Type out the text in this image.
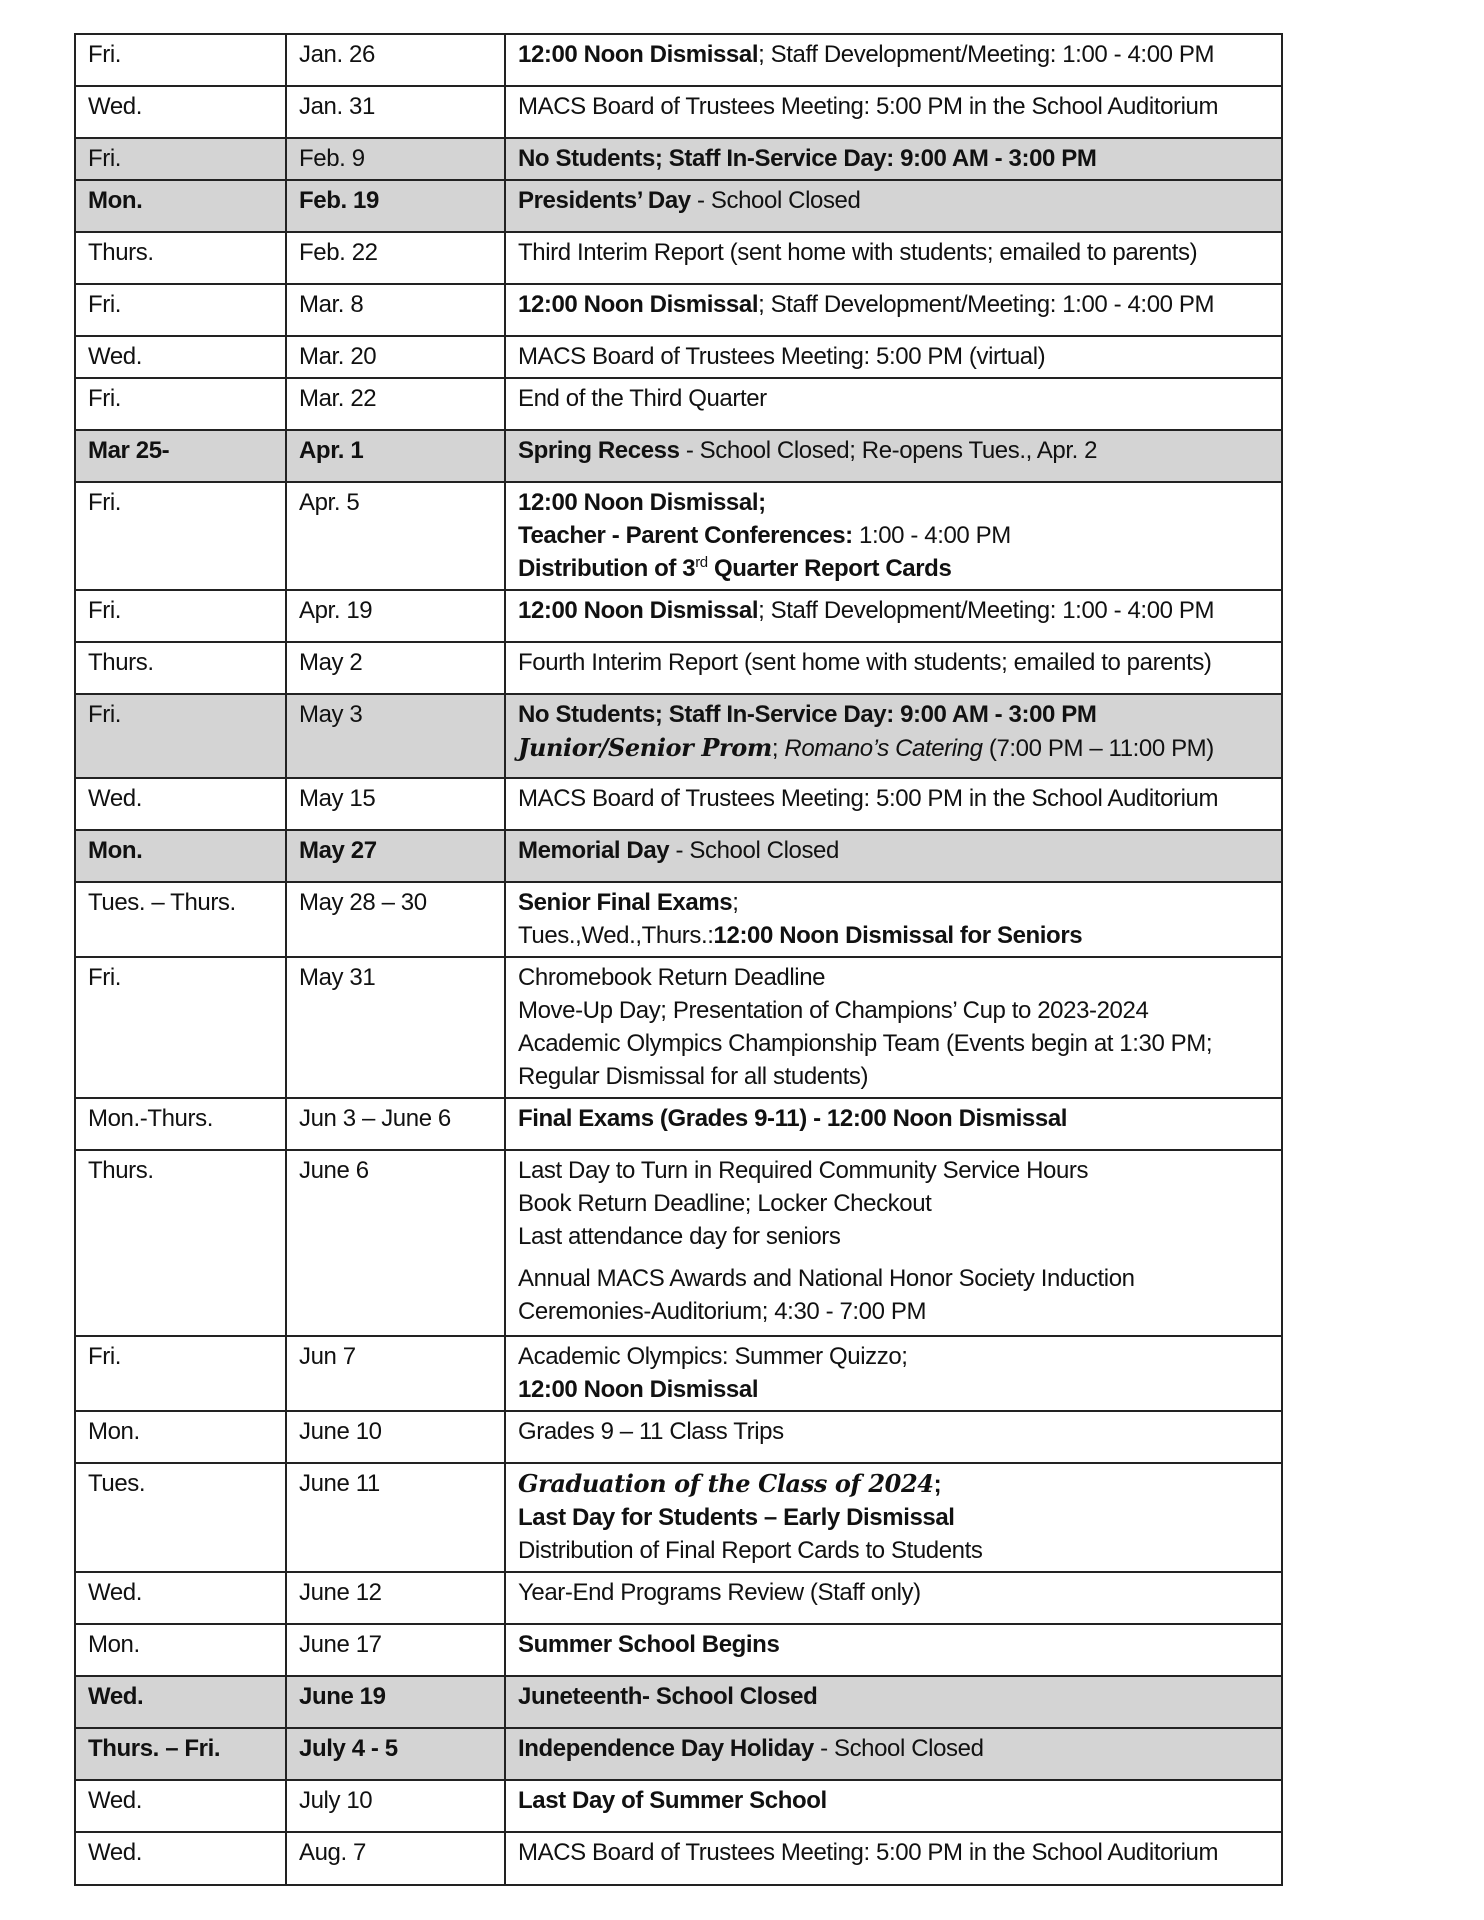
Fri.	Jan. 26	12:00 Noon Dismissal; Staff Development/Meeting: 1:00 - 4:00 PM

Wed.	Jan. 31	MACS Board of Trustees Meeting: 5:00 PM in the School Auditorium

Fri.	Feb. 9	No Students; Staff In-Service Day: 9:00 AM - 3:00 PM

Mon.	Feb. 19	Presidents’ Day - School Closed

Thurs.	Feb. 22	Third Interim Report (sent home with students; emailed to parents)

Fri.	Mar. 8	12:00 Noon Dismissal; Staff Development/Meeting: 1:00 - 4:00 PM

Wed.	Mar. 20	MACS Board of Trustees Meeting: 5:00 PM (virtual)

Fri.	Mar. 22	End of the Third Quarter

Mar 25-	Apr. 1	Spring Recess - School Closed; Re-opens Tues., Apr. 2

Fri.	Apr. 5	12:00 Noon Dismissal;
Teacher - Parent Conferences: 1:00 - 4:00 PM
Distribution of 3rd Quarter Report Cards

Fri.	Apr. 19	12:00 Noon Dismissal; Staff Development/Meeting: 1:00 - 4:00 PM

Thurs.	May 2	Fourth Interim Report (sent home with students; emailed to parents)

Fri.	May 3	No Students; Staff In-Service Day: 9:00 AM - 3:00 PM
Junior/Senior Prom; Romano’s Catering (7:00 PM – 11:00 PM)

Wed.	May 15	MACS Board of Trustees Meeting: 5:00 PM in the School Auditorium

Mon.	May 27	Memorial Day - School Closed

Tues. – Thurs.	May 28 – 30	Senior Final Exams;
Tues.,Wed.,Thurs.:12:00 Noon Dismissal for Seniors

Fri.	May 31	Chromebook Return Deadline
Move-Up Day; Presentation of Champions’ Cup to 2023-2024
Academic Olympics Championship Team (Events begin at 1:30 PM;
Regular Dismissal for all students)

Mon.-Thurs.	Jun 3 – June 6	Final Exams (Grades 9-11) - 12:00 Noon Dismissal

Thurs.	June 6	Last Day to Turn in Required Community Service Hours
Book Return Deadline; Locker Checkout
Last attendance day for seniors
Annual MACS Awards and National Honor Society Induction
Ceremonies-Auditorium; 4:30 - 7:00 PM

Fri.	Jun 7	Academic Olympics: Summer Quizzo;
12:00 Noon Dismissal

Mon.	June 10	Grades 9 – 11 Class Trips

Tues.	June 11	Graduation of the Class of 2024;
Last Day for Students – Early Dismissal
Distribution of Final Report Cards to Students

Wed.	June 12	Year-End Programs Review (Staff only)

Mon.	June 17	Summer School Begins

Wed.	June 19	Juneteenth- School Closed

Thurs. – Fri.	July 4 - 5	Independence Day Holiday - School Closed

Wed.	July 10	Last Day of Summer School

Wed.	Aug. 7	MACS Board of Trustees Meeting: 5:00 PM in the School Auditorium
